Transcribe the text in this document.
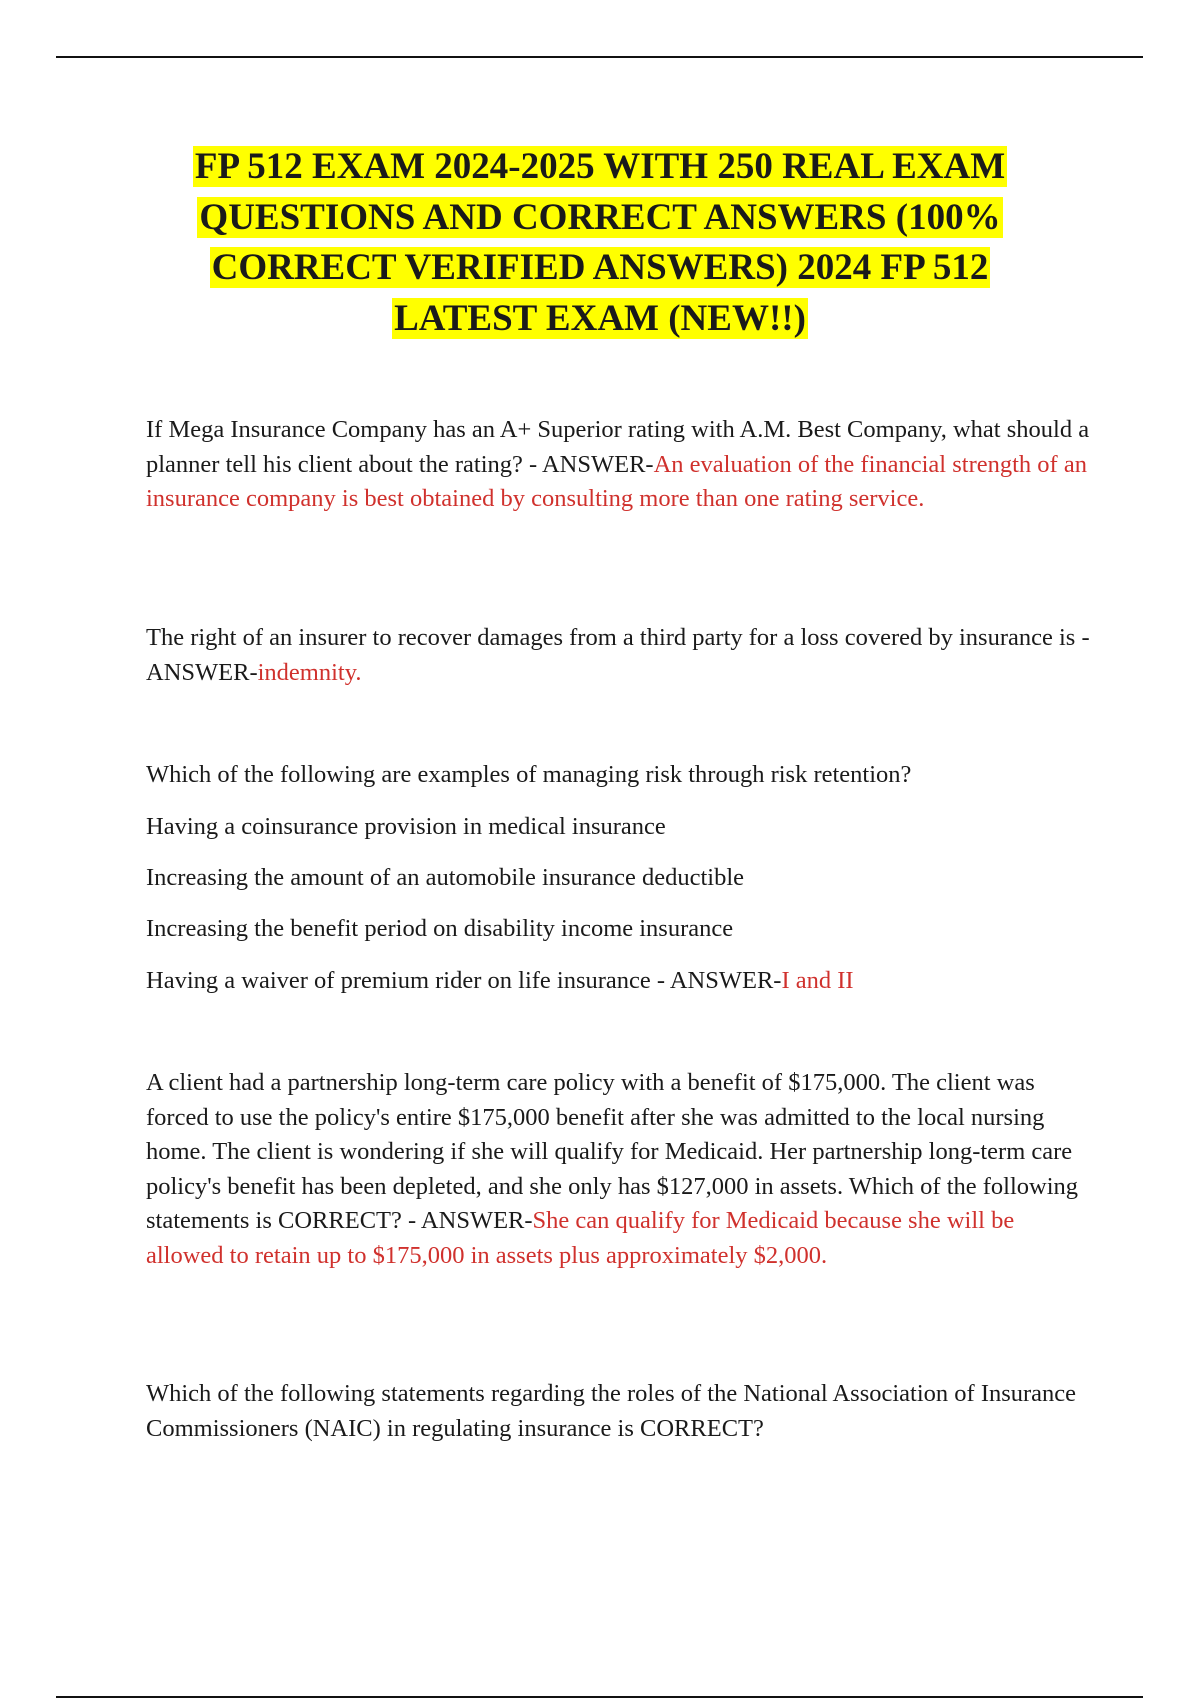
FP 512 EXAM 2024-2025 WITH 250 REAL EXAM QUESTIONS AND CORRECT ANSWERS (100% CORRECT VERIFIED ANSWERS) 2024 FP 512 LATEST EXAM (NEW!!)

If Mega Insurance Company has an A+ Superior rating with A.M. Best Company, what should a planner tell his client about the rating? - ANSWER-An evaluation of the financial strength of an insurance company is best obtained by consulting more than one rating service.

The right of an insurer to recover damages from a third party for a loss covered by insurance is - ANSWER-indemnity.

Which of the following are examples of managing risk through risk retention?

Having a coinsurance provision in medical insurance

Increasing the amount of an automobile insurance deductible

Increasing the benefit period on disability income insurance

Having a waiver of premium rider on life insurance - ANSWER-I and II

A client had a partnership long-term care policy with a benefit of $175,000. The client was forced to use the policy's entire $175,000 benefit after she was admitted to the local nursing home. The client is wondering if she will qualify for Medicaid. Her partnership long-term care policy's benefit has been depleted, and she only has $127,000 in assets. Which of the following statements is CORRECT? - ANSWER-She can qualify for Medicaid because she will be allowed to retain up to $175,000 in assets plus approximately $2,000.

Which of the following statements regarding the roles of the National Association of Insurance Commissioners (NAIC) in regulating insurance is CORRECT?
